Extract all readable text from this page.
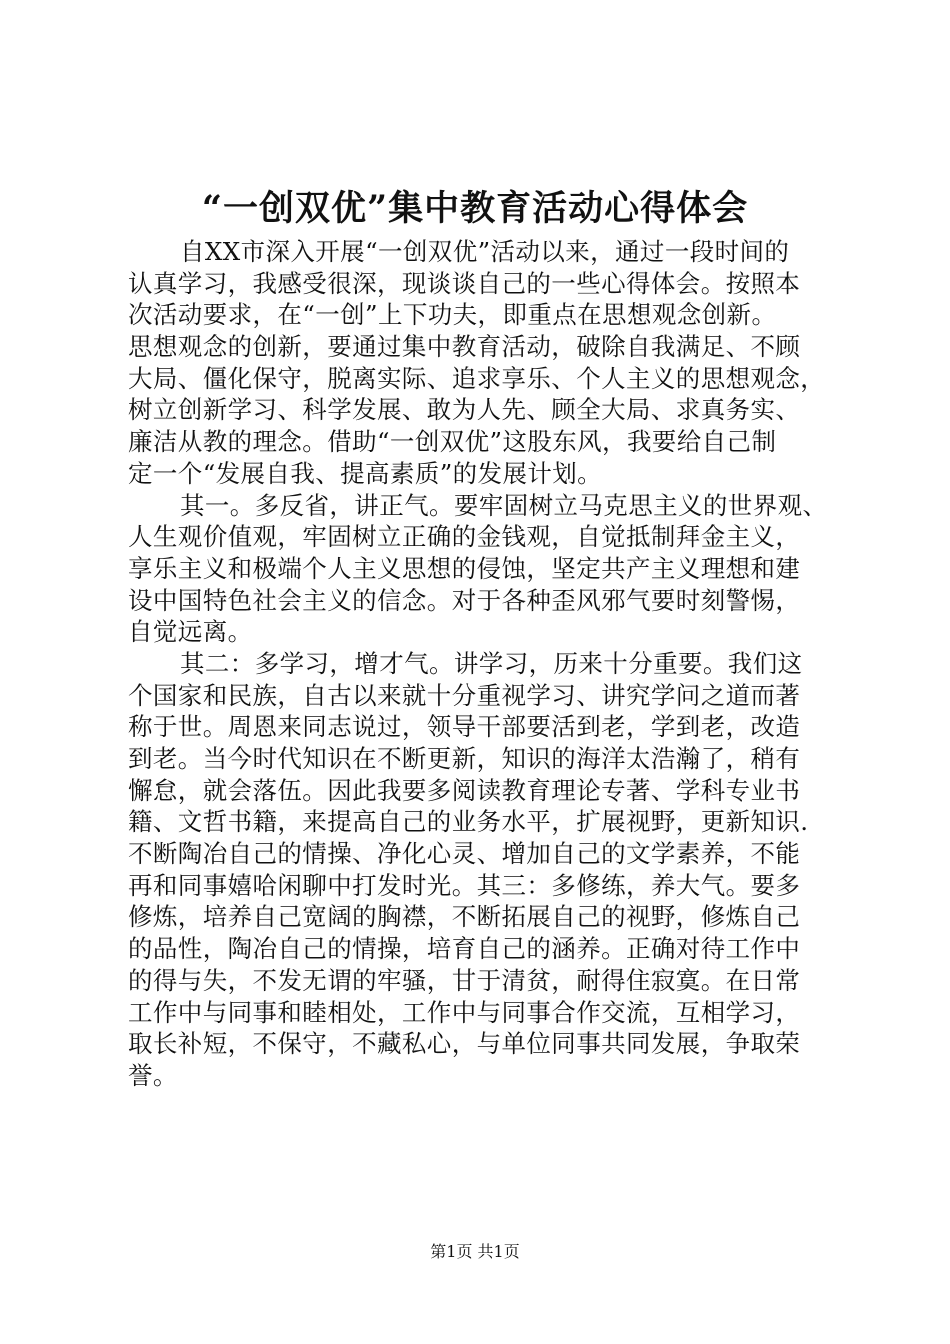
“一创双优”集中教育活动心得体会
自XX市深入开展“一创双优”活动以来，通过一段时间的
认真学习，我感受很深，现谈谈自己的一些心得体会。按照本
次活动要求，在“一创”上下功夫，即重点在思想观念创新。
思想观念的创新，要通过集中教育活动，破除自我满足、不顾
大局、僵化保守，脱离实际、追求享乐、个人主义的思想观念，
树立创新学习、科学发展、敢为人先、顾全大局、求真务实、
廉洁从教的理念。借助“一创双优”这股东风，我要给自己制
定一个“发展自我、提高素质”的发展计划。
其一。多反省，讲正气。要牢固树立马克思主义的世界观、
人生观价值观，牢固树立正确的金钱观，自觉抵制拜金主义，
享乐主义和极端个人主义思想的侵蚀，坚定共产主义理想和建
设中国特色社会主义的信念。对于各种歪风邪气要时刻警惕，
自觉远离。
其二：多学习，增才气。讲学习，历来十分重要。我们这
个国家和民族，自古以来就十分重视学习、讲究学问之道而著
称于世。周恩来同志说过，领导干部要活到老，学到老，改造
到老。当今时代知识在不断更新，知识的海洋太浩瀚了，稍有
懈怠，就会落伍。因此我要多阅读教育理论专著、学科专业书
籍、文哲书籍，来提高自己的业务水平，扩展视野，更新知识.
不断陶冶自己的情操、净化心灵、增加自己的文学素养，不能
再和同事嬉哈闲聊中打发时光。其三：多修练，养大气。要多
修炼，培养自己宽阔的胸襟，不断拓展自己的视野，修炼自己
的品性，陶冶自己的情操，培育自己的涵养。正确对待工作中
的得与失，不发无谓的牢骚，甘于清贫，耐得住寂寞。在日常
工作中与同事和睦相处，工作中与同事合作交流，互相学习，
取长补短，不保守，不藏私心，与单位同事共同发展，争取荣
誉。
第1页 共1页
